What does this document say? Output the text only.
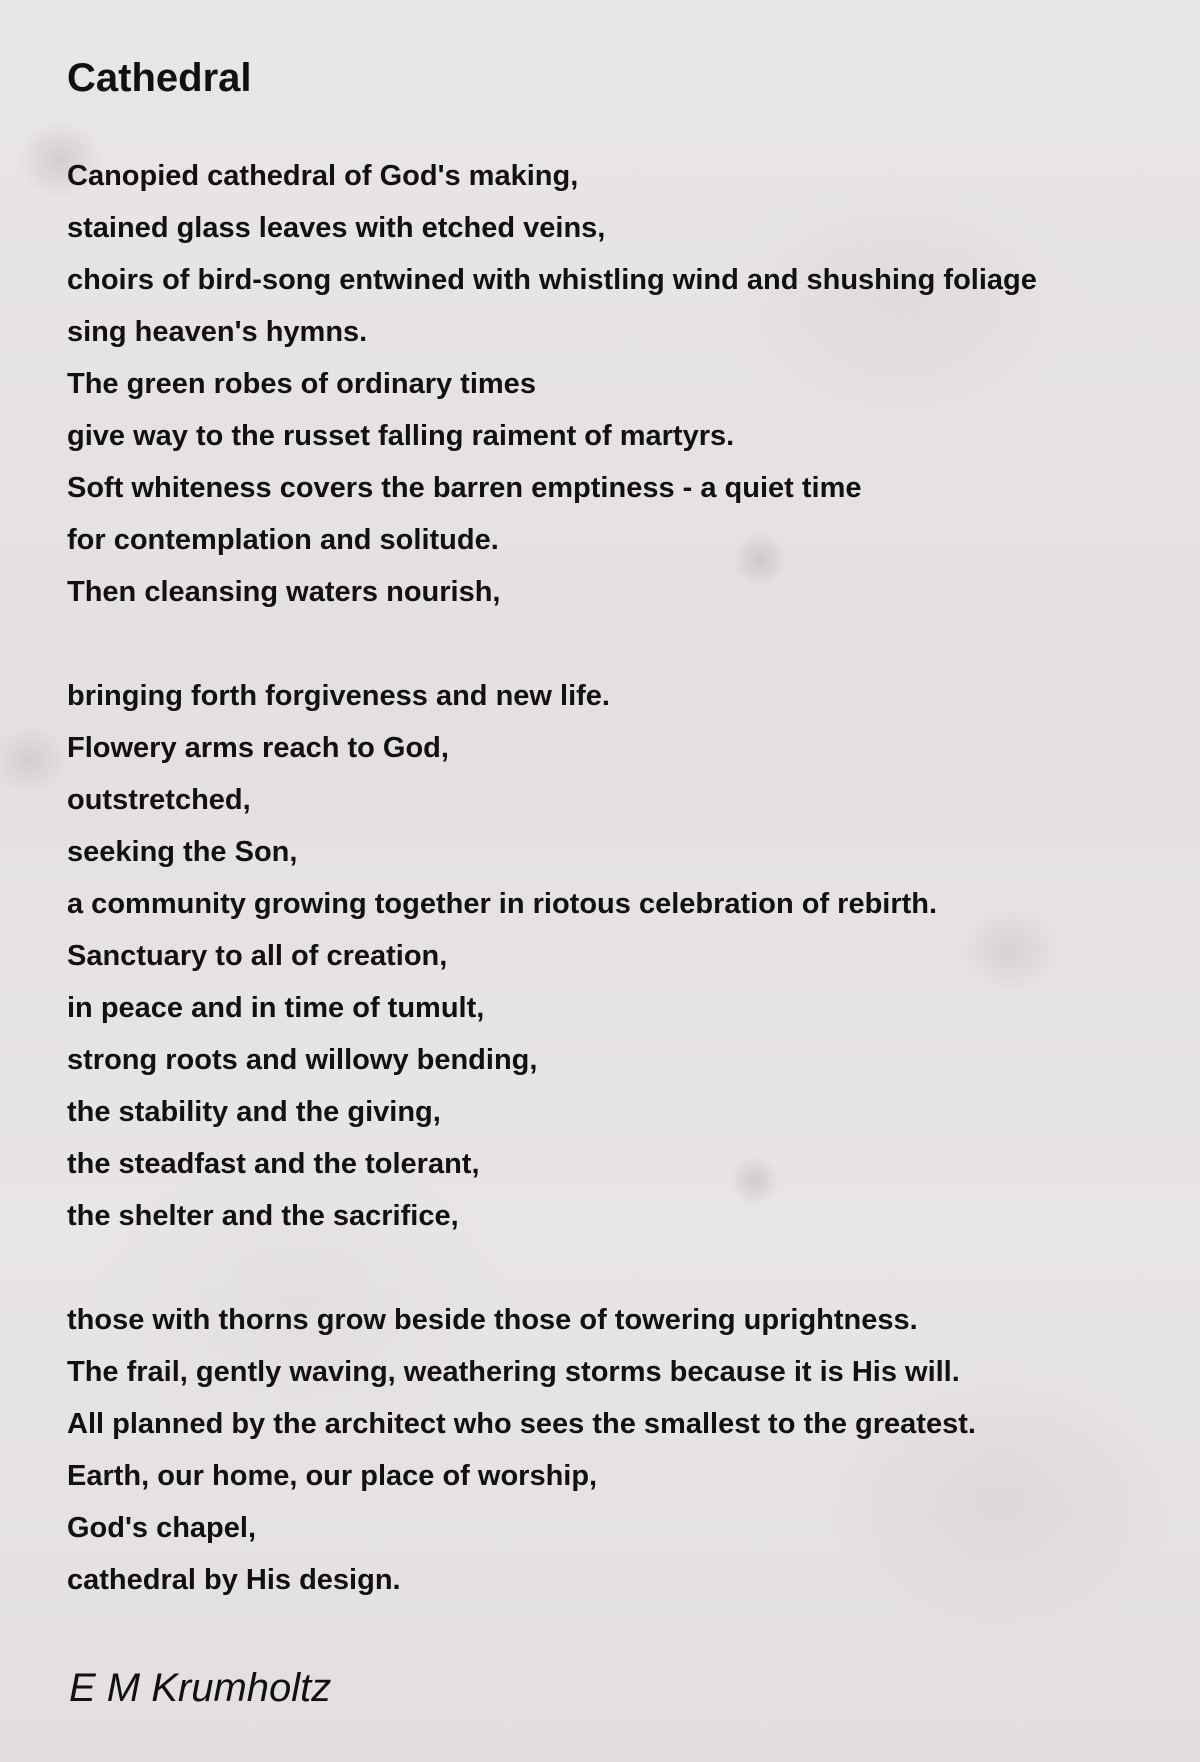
Cathedral
Canopied cathedral of God's making,
stained glass leaves with etched veins,
choirs of bird-song entwined with whistling wind and shushing foliage
sing heaven's hymns.
The green robes of ordinary times
give way to the russet falling raiment of martyrs.
Soft whiteness covers the barren emptiness - a quiet time
for contemplation and solitude.
Then cleansing waters nourish,
bringing forth forgiveness and new life.
Flowery arms reach to God,
outstretched,
seeking the Son,
a community growing together in riotous celebration of rebirth.
Sanctuary to all of creation,
in peace and in time of tumult,
strong roots and willowy bending,
the stability and the giving,
the steadfast and the tolerant,
the shelter and the sacrifice,
those with thorns grow beside those of towering uprightness.
The frail, gently waving, weathering storms because it is His will.
All planned by the architect who sees the smallest to the greatest.
Earth, our home, our place of worship,
God's chapel,
cathedral by His design.
E M Krumholtz
